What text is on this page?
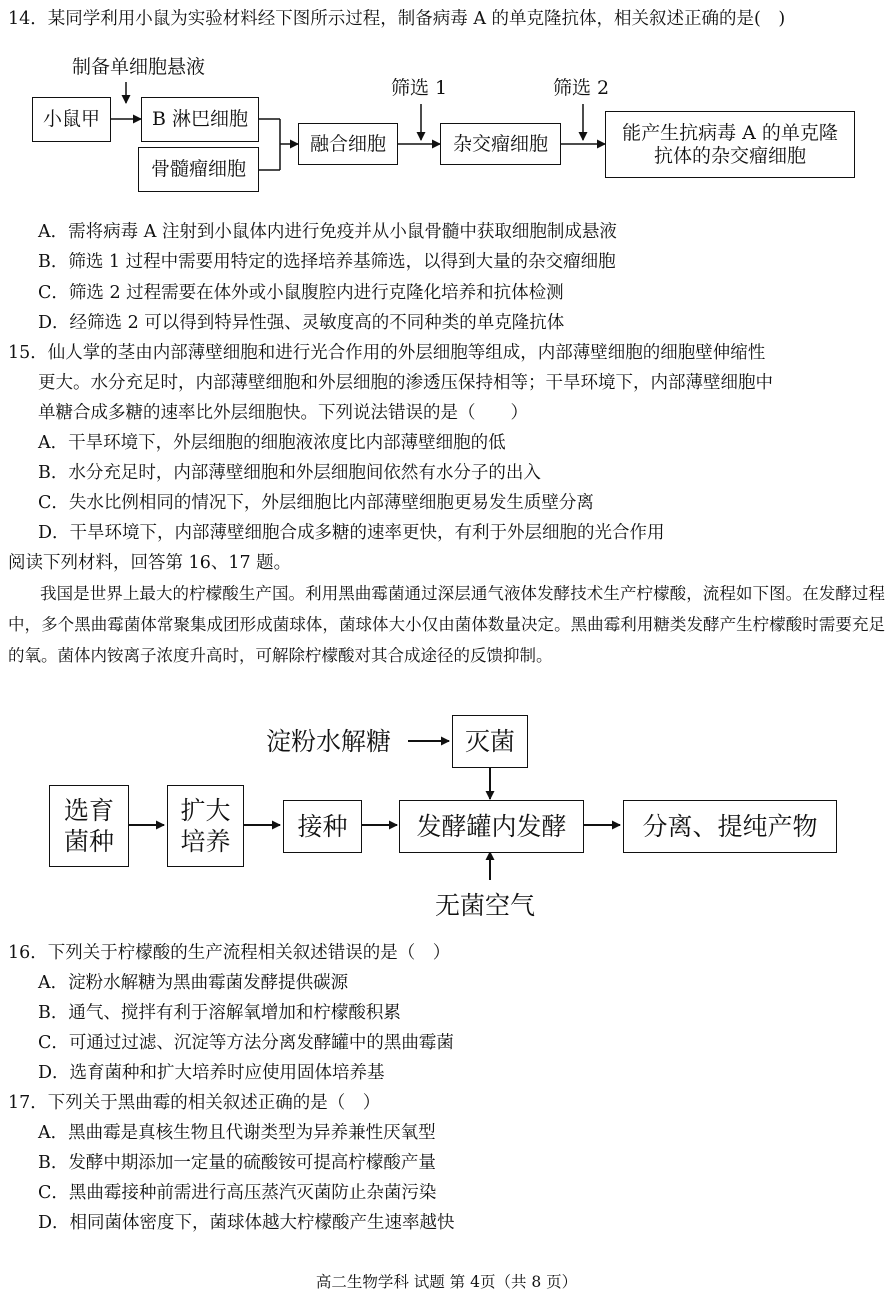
14．某同学利用小鼠为实验材料经下图所示过程，制备病毒 A 的单克隆抗体，相关叙述正确的是(　)
制备单细胞悬液
小鼠甲	B 淋巴细胞
骨髓瘤细胞
融合细胞
筛选 1
杂交瘤细胞
筛选 2
能产生抗病毒 A 的单克隆
抗体的杂交瘤细胞
A．需将病毒 A 注射到小鼠体内进行免疫并从小鼠骨髓中获取细胞制成悬液
B．筛选 1 过程中需要用特定的选择培养基筛选，以得到大量的杂交瘤细胞
C．筛选 2 过程需要在体外或小鼠腹腔内进行克隆化培养和抗体检测
D．经筛选 2 可以得到特异性强、灵敏度高的不同种类的单克隆抗体
15．仙人掌的茎由内部薄壁细胞和进行光合作用的外层细胞等组成，内部薄壁细胞的细胞壁伸缩性
更大。水分充足时，内部薄壁细胞和外层细胞的渗透压保持相等；干旱环境下，内部薄壁细胞中
单糖合成多糖的速率比外层细胞快。下列说法错误的是（　　）
A．干旱环境下，外层细胞的细胞液浓度比内部薄壁细胞的低
B．水分充足时，内部薄壁细胞和外层细胞间依然有水分子的出入
C．失水比例相同的情况下，外层细胞比内部薄壁细胞更易发生质壁分离
D．干旱环境下，内部薄壁细胞合成多糖的速率更快，有利于外层细胞的光合作用
阅读下列材料，回答第 16、17 题。
我国是世界上最大的柠檬酸生产国。利用黑曲霉菌通过深层通气液体发酵技术生产柠檬酸，流程如下图。在发酵过程中，多个黑曲霉菌体常聚集成团形成菌球体，菌球体大小仅由菌体数量决定。黑曲霉利用糖类发酵产生柠檬酸时需要充足的氧。菌体内铵离子浓度升高时，可解除柠檬酸对其合成途径的反馈抑制。
淀粉水解糖	灭菌
选育
菌种
扩大
培养
接种	发酵罐内发酵	分离、提纯产物
无菌空气
16．下列关于柠檬酸的生产流程相关叙述错误的是（　）
A．淀粉水解糖为黑曲霉菌发酵提供碳源
B．通气、搅拌有利于溶解氧增加和柠檬酸积累
C．可通过过滤、沉淀等方法分离发酵罐中的黑曲霉菌
D．选育菌种和扩大培养时应使用固体培养基
17．下列关于黑曲霉的相关叙述正确的是（　）
A．黑曲霉是真核生物且代谢类型为异养兼性厌氧型
B．发酵中期添加一定量的硫酸铵可提高柠檬酸产量
C．黑曲霉接种前需进行高压蒸汽灭菌防止杂菌污染
D．相同菌体密度下，菌球体越大柠檬酸产生速率越快
高二生物学科 试题 第 4页（共 8 页）
